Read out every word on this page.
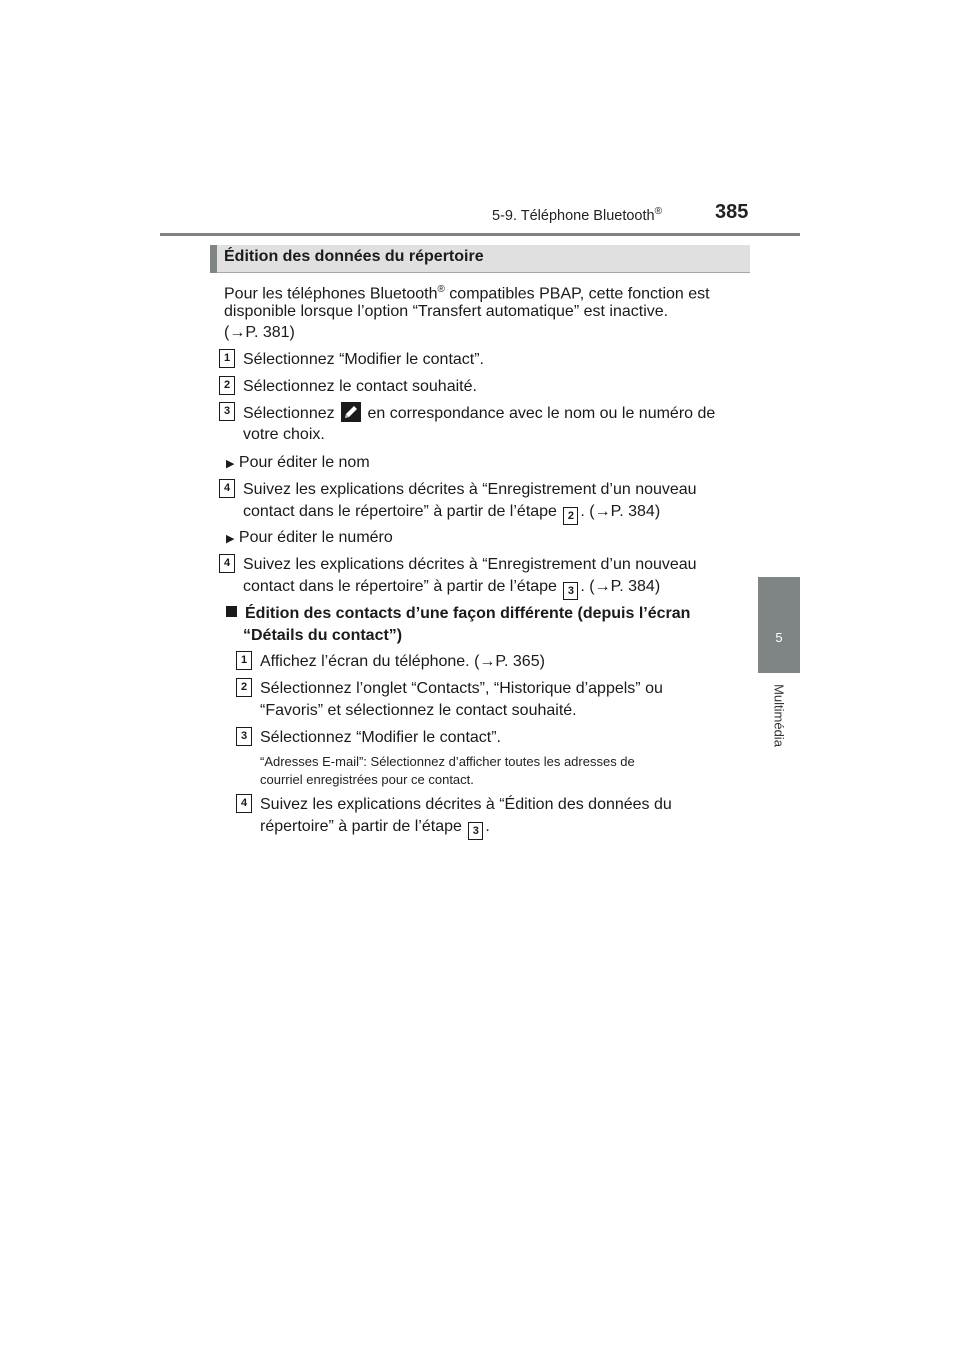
5-9. Téléphone Bluetooth®	385
5
Multimédia
Édition des données du répertoire
Pour les téléphones Bluetooth® compatibles PBAP, cette fonction est
disponible lorsque l’option “Transfert automatique” est inactive.
(→P. 381)
1 Sélectionnez “Modifier le contact”.
2 Sélectionnez le contact souhaité.
3 Sélectionnez
en correspondance avec le nom ou le numéro de
votre choix.
▶ Pour éditer le nom
4 Suivez les explications décrites à “Enregistrement d’un nouveau
contact dans le répertoire” à partir de l’étape 2 . (→P. 384)
▶ Pour éditer le numéro
4 Suivez les explications décrites à “Enregistrement d’un nouveau
contact dans le répertoire” à partir de l’étape 3 . (→P. 384)
Édition des contacts d’une façon différente (depuis l’écran
“Détails du contact”)
1 Affichez l’écran du téléphone. (→P. 365)
2 Sélectionnez l’onglet “Contacts”, “Historique d’appels” ou
“Favoris” et sélectionnez le contact souhaité.
3 Sélectionnez “Modifier le contact”.
“Adresses E-mail”: Sélectionnez d’afficher toutes les adresses de
courriel enregistrées pour ce contact.
4 Suivez les explications décrites à “Édition des données du
répertoire” à partir de l’étape 3 .
